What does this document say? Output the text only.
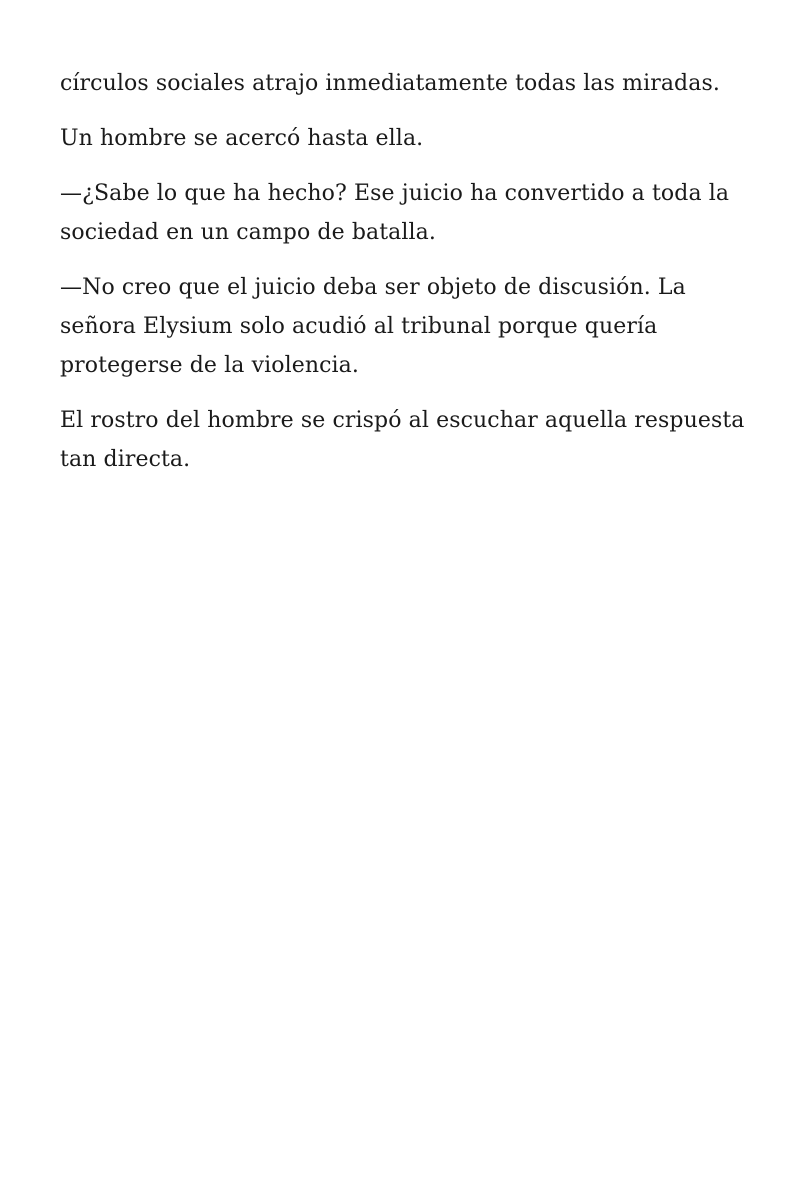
círculos sociales atrajo inmediatamente todas las miradas.

Un hombre se acercó hasta ella.

—¿Sabe lo que ha hecho? Ese juicio ha convertido a toda la sociedad en un campo de batalla.

—No creo que el juicio deba ser objeto de discusión. La señora Elysium solo acudió al tribunal porque quería protegerse de la violencia.

El rostro del hombre se crispó al escuchar aquella respuesta tan directa.
